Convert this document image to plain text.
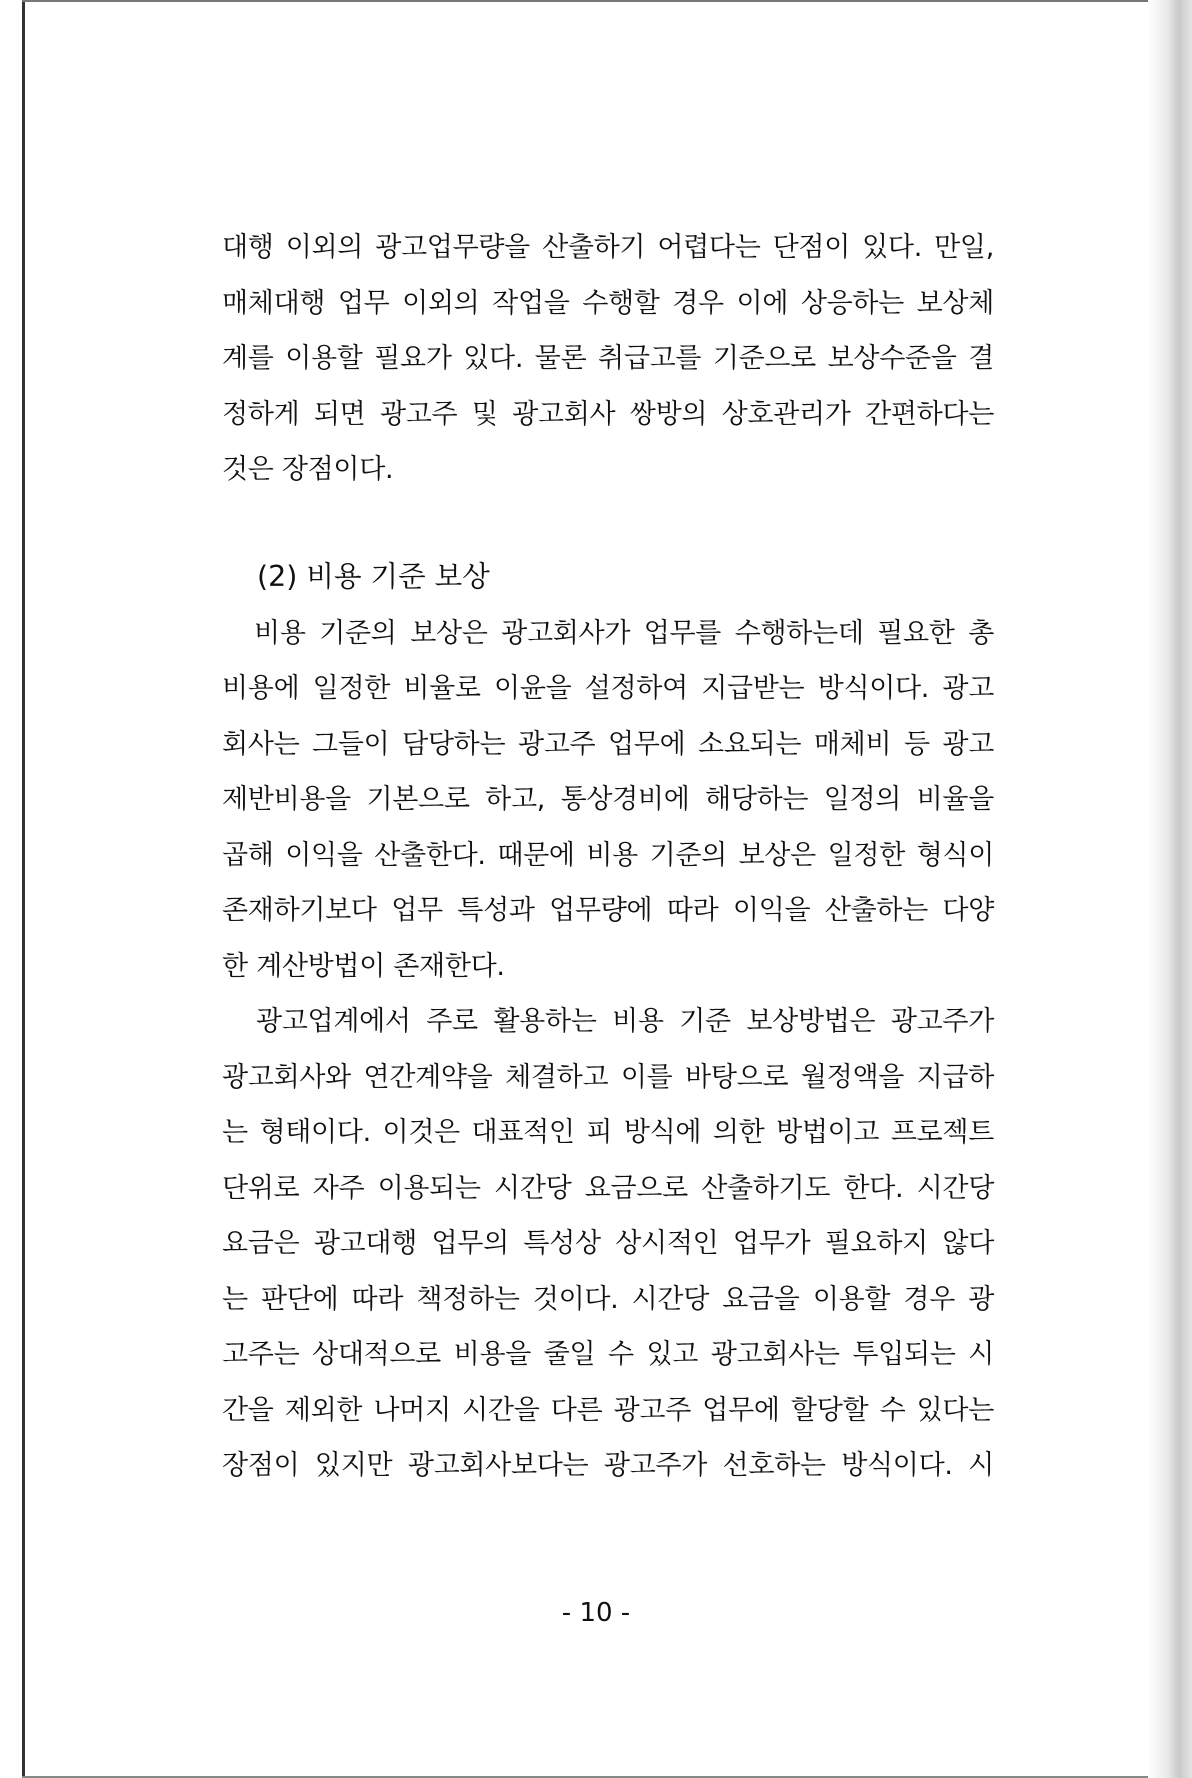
대행 이외의 광고업무량을 산출하기 어렵다는 단점이 있다. 만일,
매체대행 업무 이외의 작업을 수행할 경우 이에 상응하는 보상체
계를 이용할 필요가 있다. 물론 취급고를 기준으로 보상수준을 결
정하게 되면 광고주 및 광고회사 쌍방의 상호관리가 간편하다는
것은 장점이다.
(2) 비용 기준 보상
　비용 기준의 보상은 광고회사가 업무를 수행하는데 필요한 총
비용에 일정한 비율로 이윤을 설정하여 지급받는 방식이다. 광고
회사는 그들이 담당하는 광고주 업무에 소요되는 매체비 등 광고
제반비용을 기본으로 하고, 통상경비에 해당하는 일정의 비율을
곱해 이익을 산출한다. 때문에 비용 기준의 보상은 일정한 형식이
존재하기보다 업무 특성과 업무량에 따라 이익을 산출하는 다양
한 계산방법이 존재한다.
　광고업계에서 주로 활용하는 비용 기준 보상방법은 광고주가
광고회사와 연간계약을 체결하고 이를 바탕으로 월정액을 지급하
는 형태이다. 이것은 대표적인 피 방식에 의한 방법이고 프로젝트
단위로 자주 이용되는 시간당 요금으로 산출하기도 한다. 시간당
요금은 광고대행 업무의 특성상 상시적인 업무가 필요하지 않다
는 판단에 따라 책정하는 것이다. 시간당 요금을 이용할 경우 광
고주는 상대적으로 비용을 줄일 수 있고 광고회사는 투입되는 시
간을 제외한 나머지 시간을 다른 광고주 업무에 할당할 수 있다는
장점이 있지만 광고회사보다는 광고주가 선호하는 방식이다. 시
- 10 -
